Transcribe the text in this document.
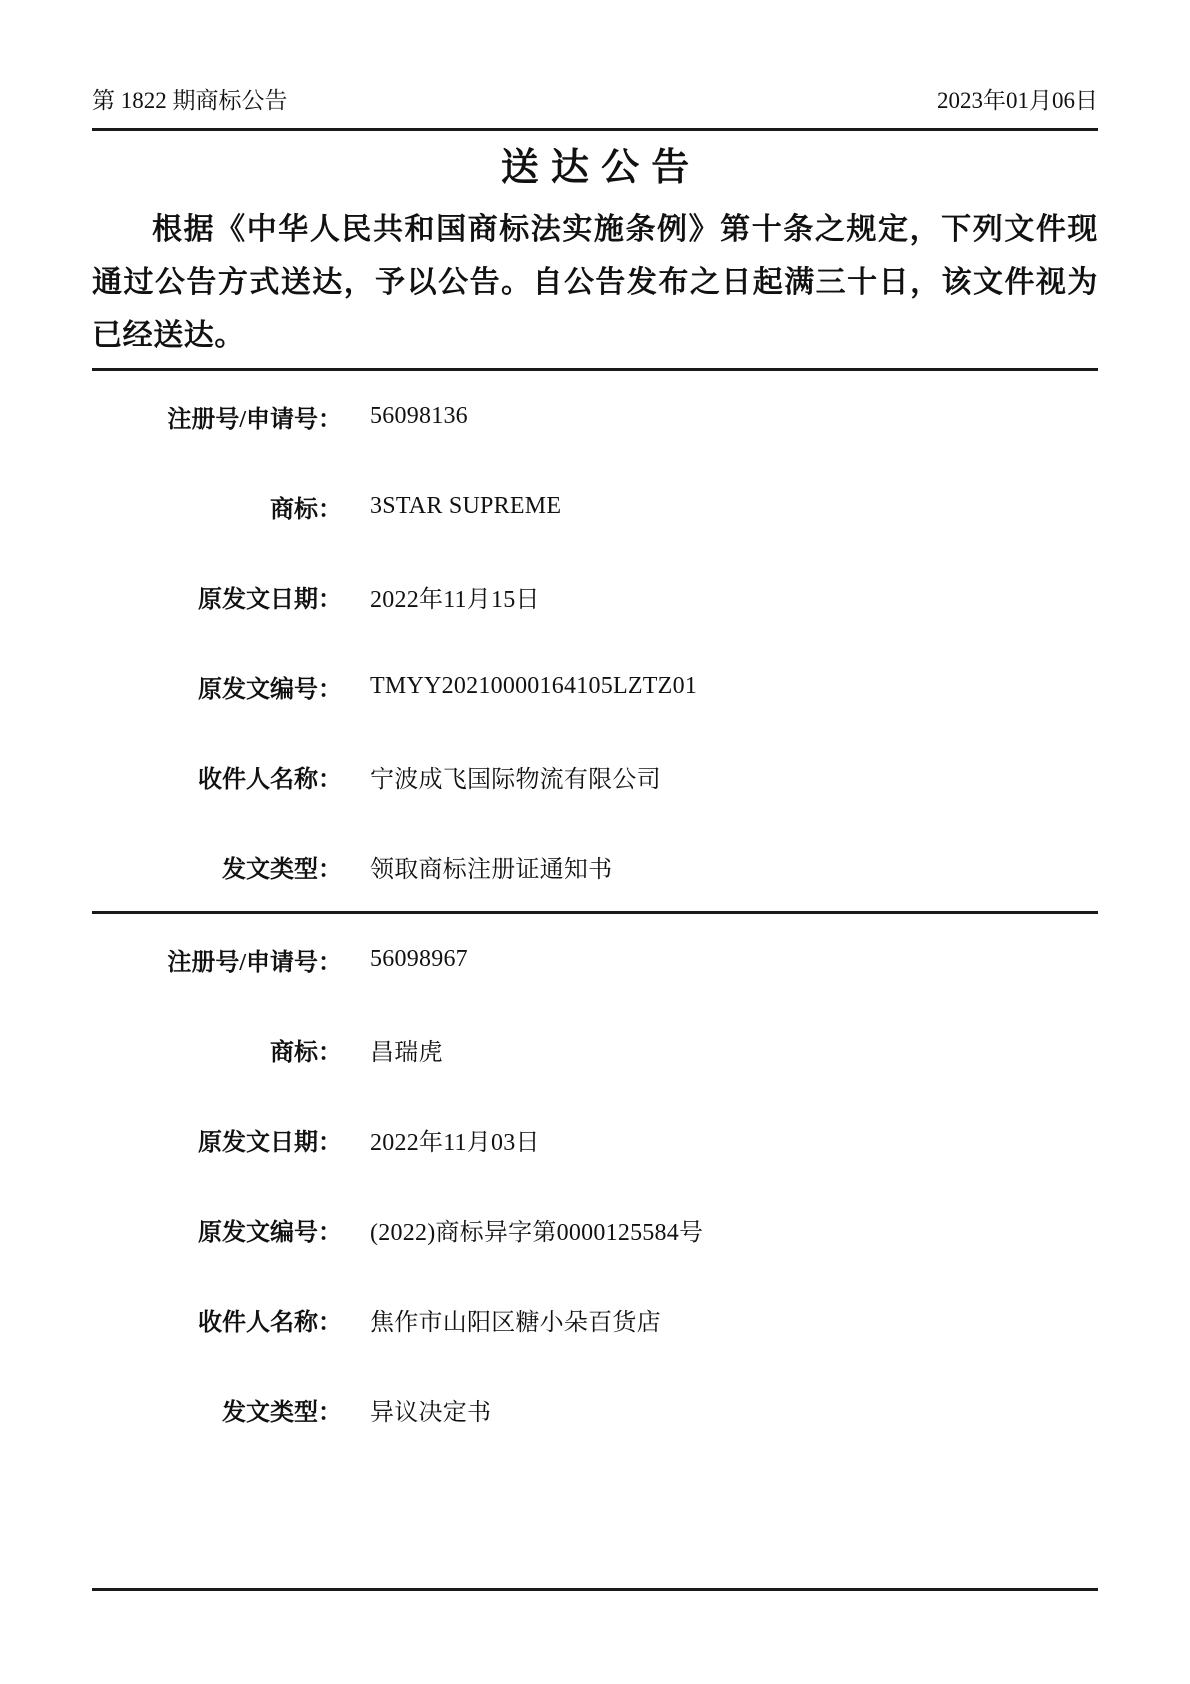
第 1822 期商标公告	2023年01月06日
送达公告

根据《中华人民共和国商标法实施条例》第十条之规定，下列文件现通过公告方式送达，予以公告。自公告发布之日起满三十日，该文件视为已经送达。

注册号/申请号： 56098136
商标： 3STAR SUPREME
原发文日期： 2022年11月15日
原发文编号： TMYY20210000164105LZTZ01
收件人名称： 宁波成飞国际物流有限公司
发文类型： 领取商标注册证通知书
注册号/申请号： 56098967
商标： 昌瑞虎
原发文日期： 2022年11月03日
原发文编号： (2022)商标异字第0000125584号
收件人名称： 焦作市山阳区糖小朵百货店
发文类型： 异议决定书
